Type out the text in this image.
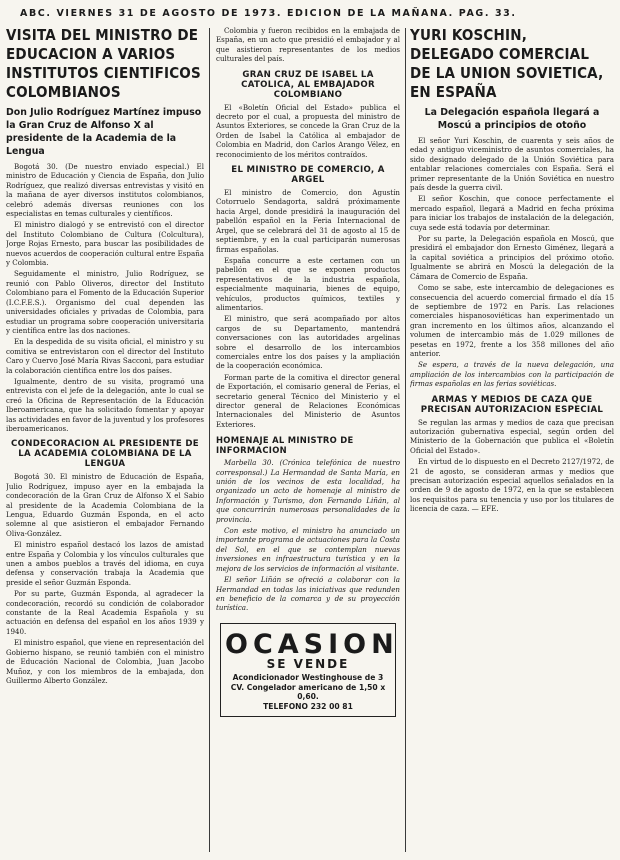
ABC. VIERNES 31 DE AGOSTO DE 1973. EDICION DE LA MAÑANA. PAG. 33.
VISITA DEL MINISTRO DE EDUCACION A VARIOS INSTITUTOS CIENTIFICOS COLOMBIANOS
Don Julio Rodríguez Martínez impuso la Gran Cruz de Alfonso X al presidente de la Academia de la Lengua

Bogotá 30. (De nuestro enviado especial.) El ministro de Educación y Ciencia de España, don Julio Rodríguez, que realizó diversas entrevistas y visitó en la mañana de ayer diversos institutos colombianos, celebró además diversas reuniones con los especialistas en temas culturales y científicos.

El ministro dialogó y se entrevistó con el director del Instituto Colombiano de Cultura (Colcultura), Jorge Rojas Ernesto, para buscar las posibilidades de nuevos acuerdos de cooperación cultural entre España y Colombia.

Seguidamente el ministro, Julio Rodríguez, se reunió con Pablo Oliveros, director del Instituto Colombiano para el Fomento de la Educación Superior (I.C.F.E.S.). Organismo del cual dependen las universidades oficiales y privadas de Colombia, para estudiar un programa sobre cooperación universitaria y científica entre las dos naciones.

En la despedida de su visita oficial, el ministro y su comitiva se entrevistaron con el director del Instituto Caro y Cuervo José María Rivas Sacconi, para estudiar la colaboración científica entre los dos países.

Igualmente, dentro de su visita, programó una entrevista con el jefe de la delegación, ante lo cual se creó la Oficina de Representación de la Educación Iberoamericana, que ha solicitado fomentar y apoyar las actividades en favor de la juventud y los profesores iberoamericanos.

CONDECORACION AL PRESIDENTE DE LA ACADEMIA COLOMBIANA DE LA LENGUA

Bogotá 30. El ministro de Educación de España, Julio Rodríguez, impuso ayer en la embajada la condecoración de la Gran Cruz de Alfonso X el Sabio al presidente de la Academia Colombiana de la Lengua, Eduardo Guzmán Esponda, en el acto solemne al que asistieron el embajador Fernando Oliva-González.

El ministro español destacó los lazos de amistad entre España y Colombia y los vínculos culturales que unen a ambos pueblos a través del idioma, en cuya defensa y conservación trabaja la Academia que preside el señor Guzmán Esponda.

Por su parte, Guzmán Esponda, al agradecer la condecoración, recordó su condición de colaborador constante de la Real Academia Española y su actuación en defensa del español en los años 1939 y 1940.

El ministro español, que viene en representación del Gobierno hispano, se reunió también con el ministro de Educación Nacional de Colombia, Juan Jacobo Muñoz, y con los miembros de la embajada, don Guillermo Alberto González.

Colombia y fueron recibidos en la embajada de España, en un acto que presidió el embajador y al que asistieron representantes de los medios culturales del país.

GRAN CRUZ DE ISABEL LA CATOLICA, AL EMBAJADOR COLOMBIANO

El «Boletín Oficial del Estado» publica el decreto por el cual, a propuesta del ministro de Asuntos Exteriores, se concede la Gran Cruz de la Orden de Isabel la Católica al embajador de Colombia en Madrid, don Carlos Arango Vélez, en reconocimiento de los méritos contraídos.

EL MINISTRO DE COMERCIO, A ARGEL

El ministro de Comercio, don Agustín Cotorruelo Sendagorta, saldrá próximamente hacia Argel, donde presidirá la inauguración del pabellón español en la Feria Internacional de Argel, que se celebrará del 31 de agosto al 15 de septiembre, y en la cual participarán numerosas firmas españolas.

España concurre a este certamen con un pabellón en el que se exponen productos representativos de la industria española, especialmente maquinaria, bienes de equipo, vehículos, productos químicos, textiles y alimentarios.

El ministro, que será acompañado por altos cargos de su Departamento, mantendrá conversaciones con las autoridades argelinas sobre el desarrollo de los intercambios comerciales entre los dos países y la ampliación de la cooperación económica.

Forman parte de la comitiva el director general de Exportación, el comisario general de Ferias, el secretario general Técnico del Ministerio y el director general de Relaciones Económicas Internacionales del Ministerio de Asuntos Exteriores.

HOMENAJE AL MINISTRO DE INFORMACION

Marbella 30. (Crónica telefónica de nuestro corresponsal.) La Hermandad de Santa María, en unión de los vecinos de esta localidad, ha organizado un acto de homenaje al ministro de Información y Turismo, don Fernando Liñán, al que concurrirán numerosas personalidades de la provincia.

Con este motivo, el ministro ha anunciado un importante programa de actuaciones para la Costa del Sol, en el que se contemplan nuevas inversiones en infraestructura turística y en la mejora de los servicios de información al visitante.

El señor Liñán se ofreció a colaborar con la Hermandad en todas las iniciativas que redunden en beneficio de la comarca y de su proyección turística.

OCASION
SE VENDE
Acondicionador Westinghouse de 3 CV. Congelador americano de 1,50 x 0,60.
TELEFONO 232 00 81
YURI KOSCHIN, DELEGADO COMERCIAL DE LA UNION SOVIETICA, EN ESPAÑA
La Delegación española llegará a Moscú a principios de otoño

El señor Yuri Koschin, de cuarenta y seis años de edad y antiguo viceministro de asuntos comerciales, ha sido designado delegado de la Unión Soviética para entablar relaciones comerciales con España. Será el primer representante de la Unión Soviética en nuestro país desde la guerra civil.

El señor Koschin, que conoce perfectamente el mercado español, llegará a Madrid en fecha próxima para iniciar los trabajos de instalación de la delegación, cuya sede está todavía por determinar.

Por su parte, la Delegación española en Moscú, que presidirá el embajador don Ernesto Giménez, llegará a la capital soviética a principios del próximo otoño. Igualmente se abrirá en Moscú la delegación de la Cámara de Comercio de España.

Como se sabe, este intercambio de delegaciones es consecuencia del acuerdo comercial firmado el día 15 de septiembre de 1972 en París. Las relaciones comerciales hispanosoviéticas han experimentado un gran incremento en los últimos años, alcanzando el volumen de intercambio más de 1.029 millones de pesetas en 1972, frente a los 358 millones del año anterior.

Se espera, a través de la nueva delegación, una ampliación de los intercambios con la participación de firmas españolas en las ferias soviéticas.

ARMAS Y MEDIOS DE CAZA QUE PRECISAN AUTORIZACION ESPECIAL

Se regulan las armas y medios de caza que precisan autorización gubernativa especial, según orden del Ministerio de la Gobernación que publica el «Boletín Oficial del Estado».

En virtud de lo dispuesto en el Decreto 2127/1972, de 21 de agosto, se consideran armas y medios que precisan autorización especial aquellos señalados en la orden de 9 de agosto de 1972, en la que se establecen los requisitos para su tenencia y uso por los titulares de licencia de caza. — EFE.
